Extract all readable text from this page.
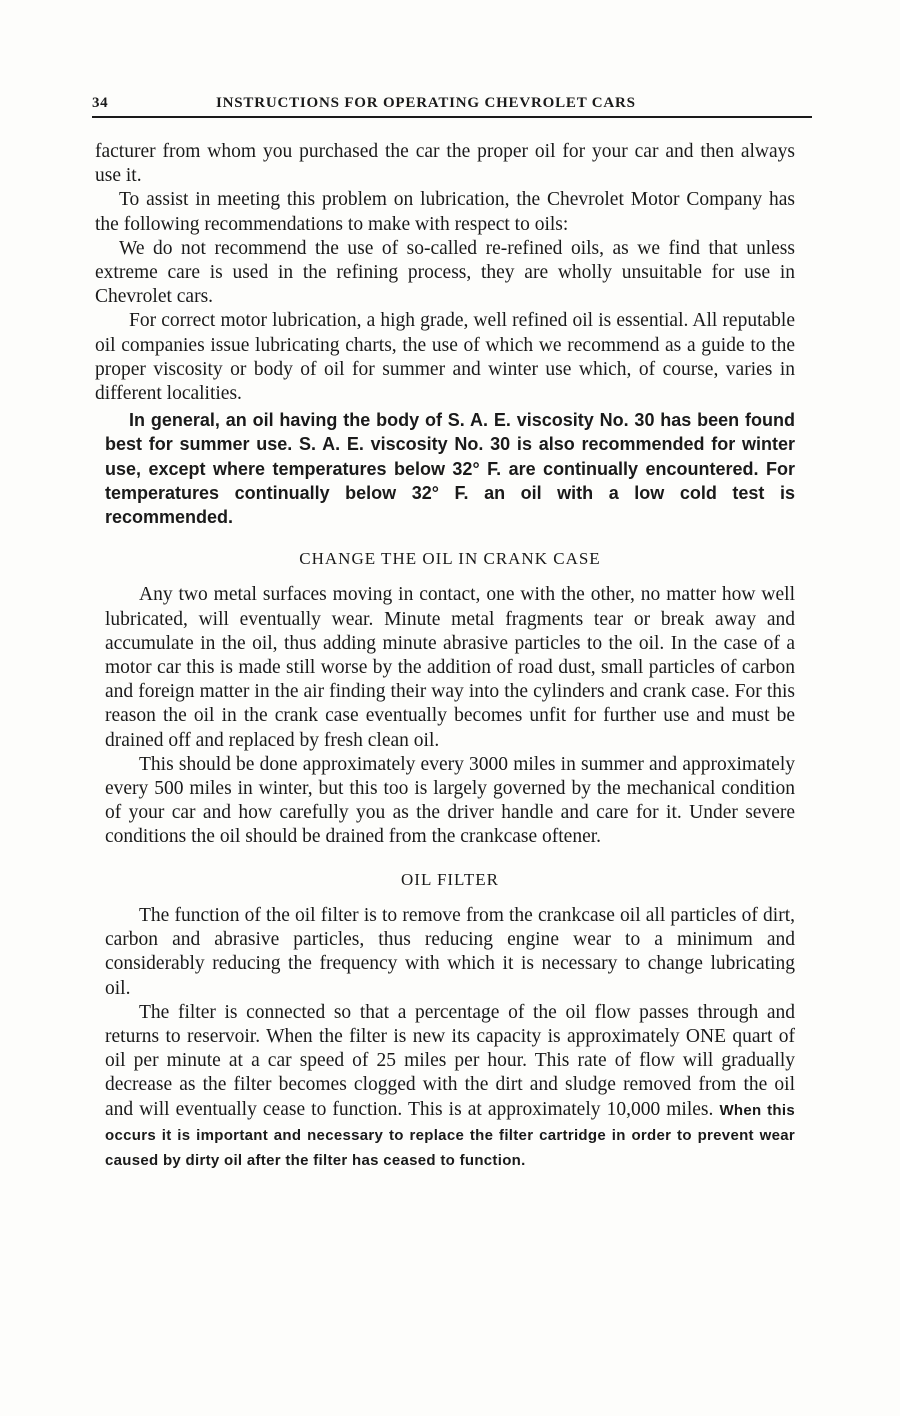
34	INSTRUCTIONS FOR OPERATING CHEVROLET CARS

facturer from whom you purchased the car the proper oil for your car and then always use it.

To assist in meeting this problem on lubrication, the Chevrolet Motor Company has the following recommendations to make with respect to oils:

We do not recommend the use of so-called re-refined oils, as we find that unless extreme care is used in the refining process, they are wholly unsuitable for use in Chevrolet cars.

For correct motor lubrication, a high grade, well refined oil is essential. All reputable oil companies issue lubricating charts, the use of which we recommend as a guide to the proper viscosity or body of oil for summer and winter use which, of course, varies in different localities.

In general, an oil having the body of S. A. E. viscosity No. 30 has been found best for summer use. S. A. E. viscosity No. 30 is also recommended for winter use, except where temperatures below 32° F. are continually encountered. For temperatures continually below 32° F. an oil with a low cold test is recommended.

CHANGE THE OIL IN CRANK CASE

Any two metal surfaces moving in contact, one with the other, no matter how well lubricated, will eventually wear. Minute metal fragments tear or break away and accumulate in the oil, thus adding minute abrasive particles to the oil. In the case of a motor car this is made still worse by the addition of road dust, small particles of carbon and foreign matter in the air finding their way into the cylinders and crank case. For this reason the oil in the crank case eventually becomes unfit for further use and must be drained off and replaced by fresh clean oil.

This should be done approximately every 3000 miles in summer and approximately every 500 miles in winter, but this too is largely governed by the mechanical condition of your car and how carefully you as the driver handle and care for it. Under severe conditions the oil should be drained from the crankcase oftener.

OIL FILTER

The function of the oil filter is to remove from the crankcase oil all particles of dirt, carbon and abrasive particles, thus reducing engine wear to a minimum and considerably reducing the frequency with which it is necessary to change lubricating oil.

The filter is connected so that a percentage of the oil flow passes through and returns to reservoir. When the filter is new its capacity is approximately ONE quart of oil per minute at a car speed of 25 miles per hour. This rate of flow will gradually decrease as the filter becomes clogged with the dirt and sludge removed from the oil and will eventually cease to function. This is at approximately 10,000 miles. When this occurs it is important and necessary to replace the filter cartridge in order to prevent wear caused by dirty oil after the filter has ceased to function.
